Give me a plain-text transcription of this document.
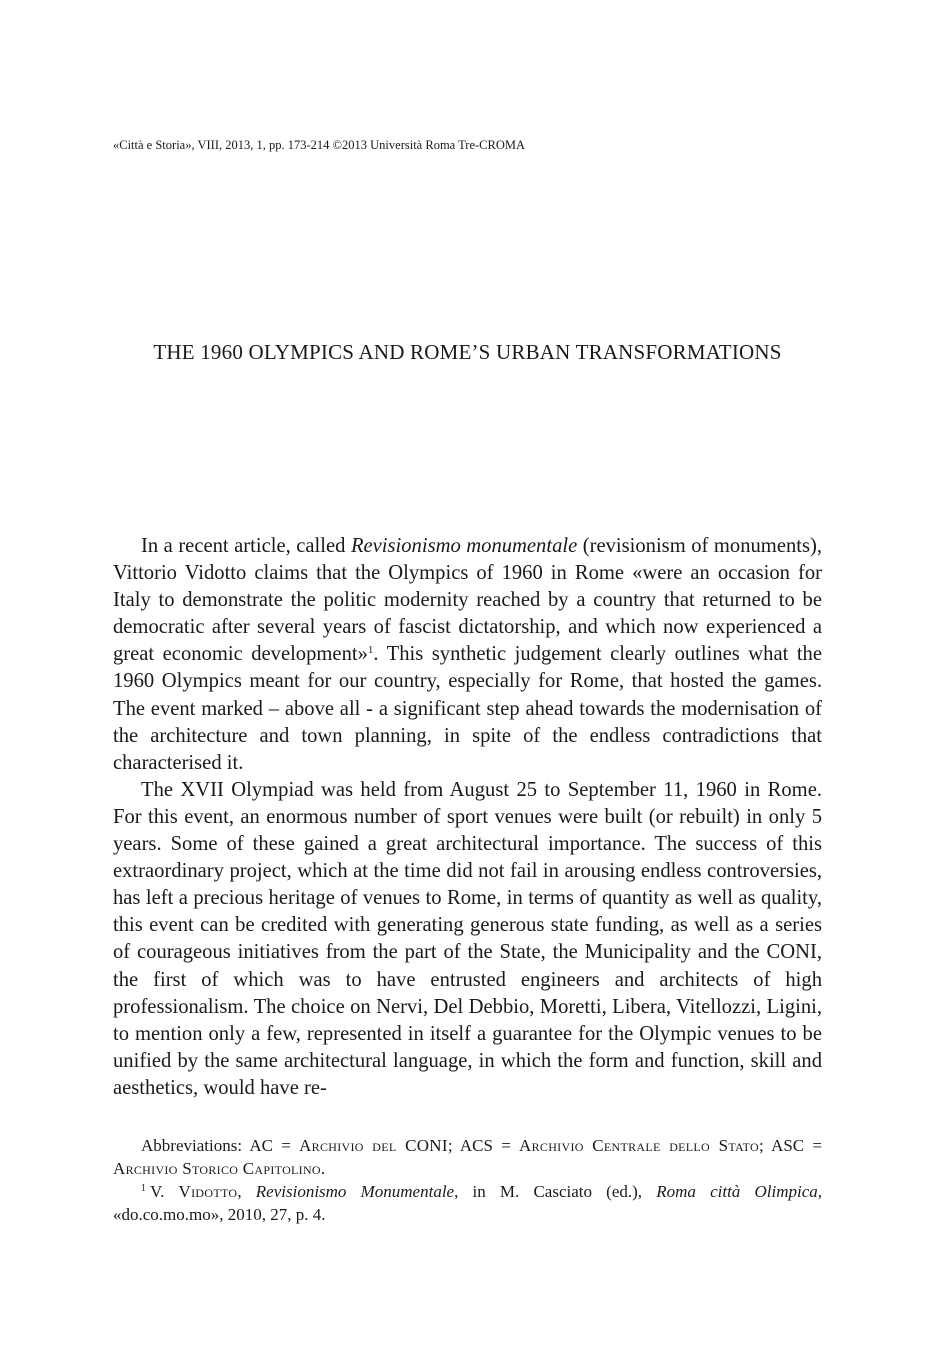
«Città e Storia», VIII, 2013, 1, pp. 173-214 ©2013 Università Roma Tre-CROMA
THE 1960 OLYMPICS AND ROME’S URBAN TRANSFORMATIONS

In a recent article, called Revisionismo monumentale (revisionism of monuments), Vittorio Vidotto claims that the Olympics of 1960 in Rome «were an occasion for Italy to demonstrate the politic modernity reached by a country that returned to be democratic after several years of fascist dictatorship, and which now experienced a great economic development»$^1$. This synthetic judgement clearly outlines what the 1960 Olympics meant for our country, especially for Rome, that hosted the games. The event marked – above all - a significant step ahead towards the modernisation of the architecture and town planning, in spite of the endless contradictions that characterised it.

The XVII Olympiad was held from August 25 to September 11, 1960 in Rome. For this event, an enormous number of sport venues were built (or rebuilt) in only 5 years. Some of these gained a great architectural importance. The success of this extraordinary project, which at the time did not fail in arousing endless controversies, has left a precious heritage of venues to Rome, in terms of quantity as well as quality, this event can be credited with generating generous state funding, as well as a series of courageous initiatives from the part of the State, the Municipality and the CONI, the first of which was to have entrusted engineers and architects of high professionalism. The choice on Nervi, Del Debbio, Moretti, Libera, Vitellozzi, Ligini, to mention only a few, represented in itself a guarantee for the Olympic venues to be unified by the same architectural language, in which the form and function, skill and aesthetics, would have re-

Abbreviations: AC = Archivio del CONI; ACS = Archivio Centrale dello Stato; ASC = Archivio Storico Capitolino.

$^1$ V. Vidotto, Revisionismo Monumentale, in M. Casciato (ed.), Roma città Olimpica, «do.co.mo.mo», 2010, 27, p. 4.
